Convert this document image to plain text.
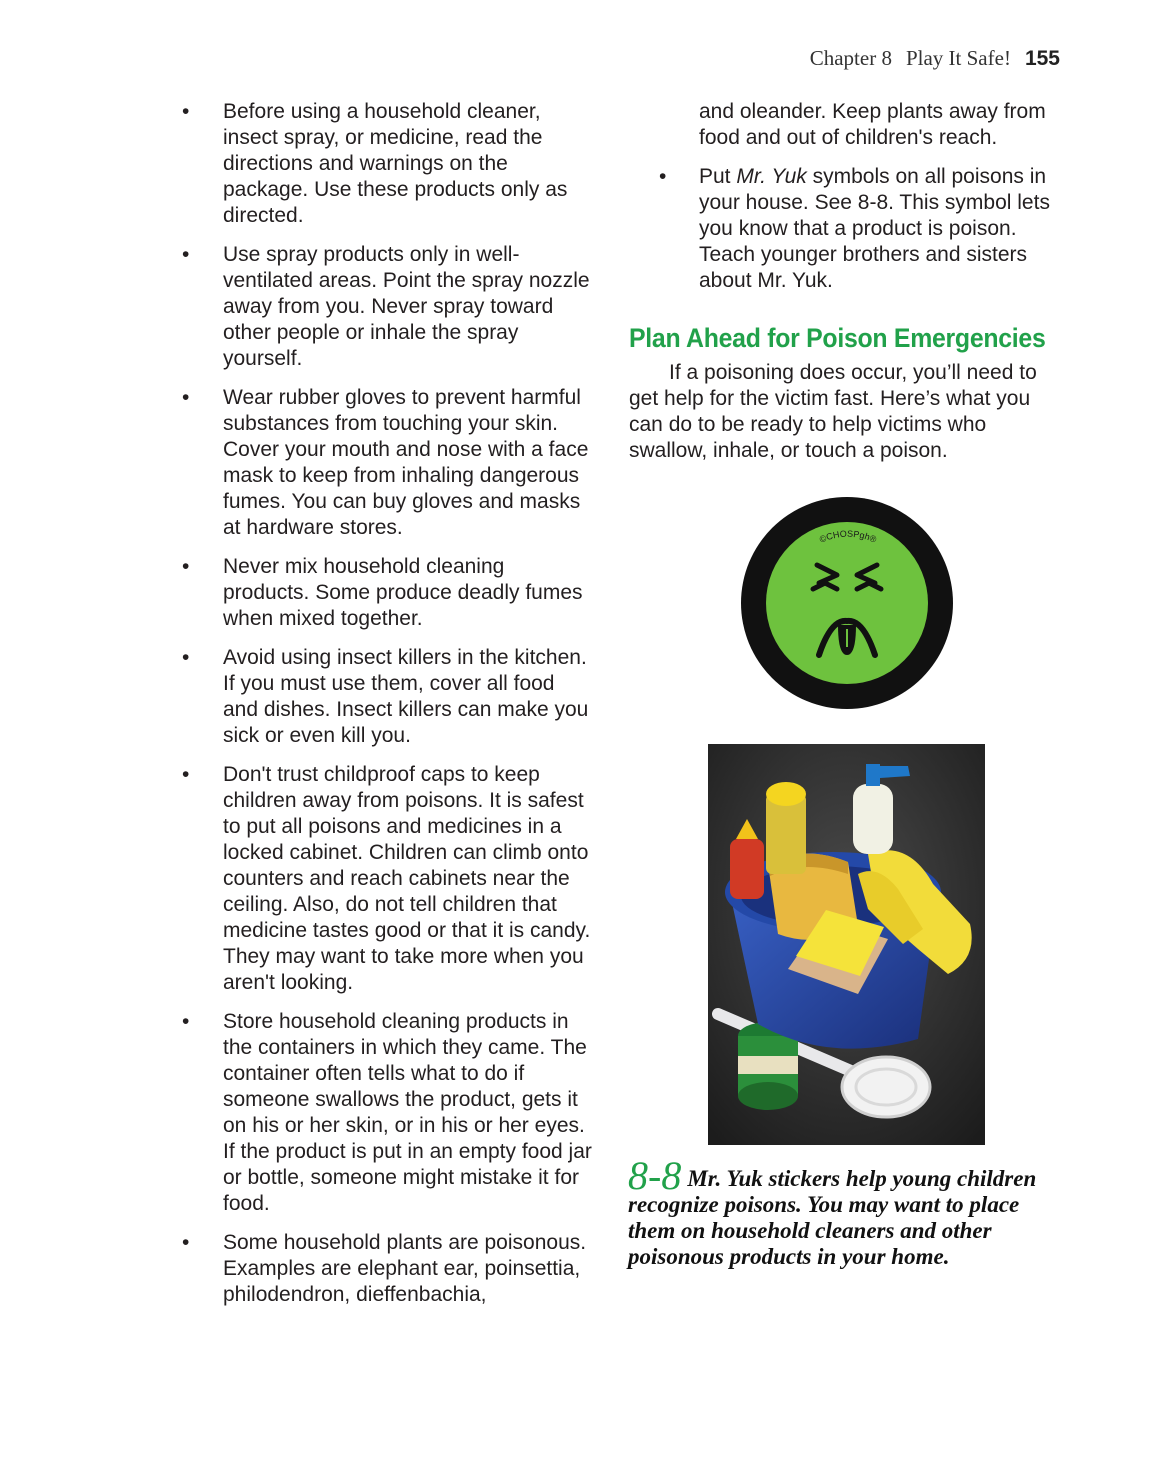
Chapter 8 Play It Safe! 155
• Before using a household cleaner, insect spray, or medicine, read the directions and warnings on the package. Use these products only as directed.
• Use spray products only in well-ventilated areas. Point the spray nozzle away from you. Never spray toward other people or inhale the spray yourself.
• Wear rubber gloves to prevent harmful substances from touching your skin. Cover your mouth and nose with a face mask to keep from inhaling dangerous fumes. You can buy gloves and masks at hardware stores.
• Never mix household cleaning products. Some produce deadly fumes when mixed together.
• Avoid using insect killers in the kitchen. If you must use them, cover all food and dishes. Insect killers can make you sick or even kill you.
• Don't trust childproof caps to keep children away from poisons. It is safest to put all poisons and medicines in a locked cabinet. Children can climb onto counters and reach cabinets near the ceiling. Also, do not tell children that medicine tastes good or that it is candy. They may want to take more when you aren't looking.
• Store household cleaning products in the containers in which they came. The container often tells what to do if someone swallows the product, gets it on his or her skin, or in his or her eyes. If the product is put in an empty food jar or bottle, someone might mistake it for food.
• Some household plants are poisonous. Examples are elephant ear, poinsettia, philodendron, dieffenbachia,

and oleander. Keep plants away from food and out of children's reach.

• Put Mr. Yuk symbols on all poisons in your house. See 8-8. This symbol lets you know that a product is poison. Teach younger brothers and sisters about Mr. Yuk.
Plan Ahead for Poison Emergencies

If a poisoning does occur, you’ll need to get help for the victim fast. Here’s what you can do to be ready to help victims who swallow, inhale, or touch a poison.

©CHOSPgh®
8-8 Mr. Yuk stickers help young children recognize poisons. You may want to place them on household cleaners and other poisonous products in your home.
